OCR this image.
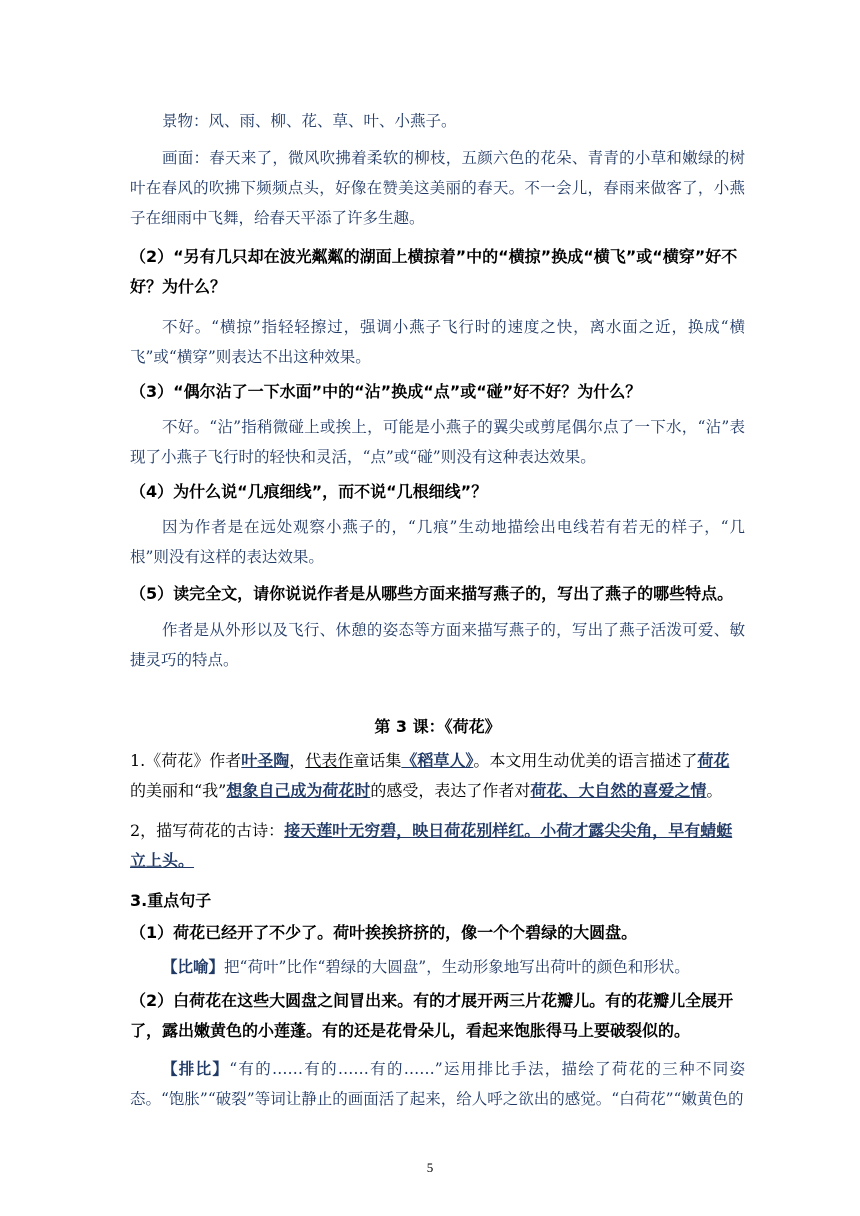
景物：风、雨、柳、花、草、叶、小燕子。
画面：春天来了，微风吹拂着柔软的柳枝，五颜六色的花朵、青青的小草和嫩绿的树叶在春风的吹拂下频频点头，好像在赞美这美丽的春天。不一会儿，春雨来做客了，小燕子在细雨中飞舞，给春天平添了许多生趣。
（2）“另有几只却在波光粼粼的湖面上横掠着”中的“横掠”换成“横飞”或“横穿”好不好？为什么？
不好。“横掠”指轻轻擦过，强调小燕子飞行时的速度之快，离水面之近，换成“横飞”或“横穿”则表达不出这种效果。
（3）“偶尔沾了一下水面”中的“沾”换成“点”或“碰”好不好？为什么？
不好。“沾”指稍微碰上或挨上，可能是小燕子的翼尖或剪尾偶尔点了一下水，“沾”表现了小燕子飞行时的轻快和灵活，“点”或“碰”则没有这种表达效果。
（4）为什么说“几痕细线”，而不说“几根细线”？
因为作者是在远处观察小燕子的，“几痕”生动地描绘出电线若有若无的样子，“几根”则没有这样的表达效果。
（5）读完全文，请你说说作者是从哪些方面来描写燕子的，写出了燕子的哪些特点。
作者是从外形以及飞行、休憩的姿态等方面来描写燕子的，写出了燕子活泼可爱、敏捷灵巧的特点。
第 3 课：《荷花》
1.《荷花》作者叶圣陶，代表作童话集《稻草人》。本文用生动优美的语言描述了荷花的美丽和“我”想象自己成为荷花时的感受，表达了作者对荷花、大自然的喜爱之情。
2，描写荷花的古诗：接天莲叶无穷碧，映日荷花别样红。小荷才露尖尖角，早有蜻蜓立上头。
3.重点句子
（1）荷花已经开了不少了。荷叶挨挨挤挤的，像一个个碧绿的大圆盘。
【比喻】把“荷叶”比作“碧绿的大圆盘”，生动形象地写出荷叶的颜色和形状。
（2）白荷花在这些大圆盘之间冒出来。有的才展开两三片花瓣儿。有的花瓣儿全展开了，露出嫩黄色的小莲蓬。有的还是花骨朵儿，看起来饱胀得马上要破裂似的。
【排比】“有的……有的……有的……”运用排比手法，描绘了荷花的三种不同姿态。“饱胀”“破裂”等词让静止的画面活了起来，给人呼之欲出的感觉。“白荷花”“嫩黄色的
5
